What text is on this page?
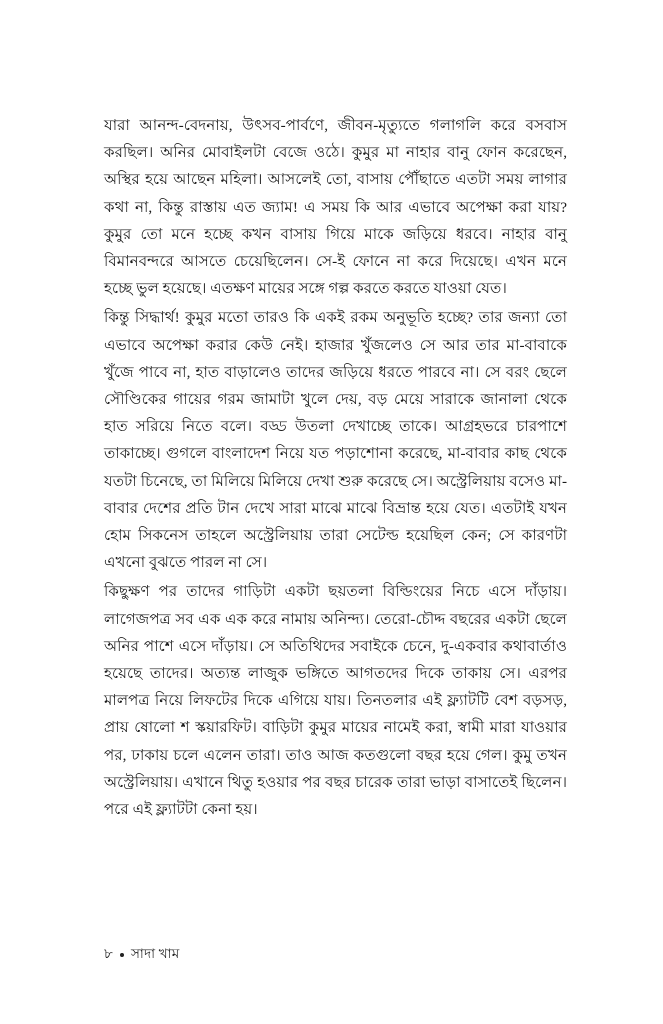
যারা আনন্দ-বেদনায়, উৎসব-পার্বণে, জীবন-মৃত্যুতে গলাগলি করে বসবাস করছিল। অনির মোবাইলটা বেজে ওঠে। কুমুর মা নাহার বানু ফোন করেছেন, অস্থির হয়ে আছেন মহিলা। আসলেই তো, বাসায় পৌঁছাতে এতটা সময় লাগার কথা না, কিন্তু রাস্তায় এত জ্যাম! এ সময় কি আর এভাবে অপেক্ষা করা যায়? কুমুর তো মনে হচ্ছে কখন বাসায় গিয়ে মাকে জড়িয়ে ধরবে। নাহার বানু বিমানবন্দরে আসতে চেয়েছিলেন। সে-ই ফোনে না করে দিয়েছে। এখন মনে হচ্ছে ভুল হয়েছে। এতক্ষণ মায়ের সঙ্গে গল্প করতে করতে যাওয়া যেত।

কিন্তু সিদ্ধার্থ! কুমুর মতো তারও কি একই রকম অনুভূতি হচ্ছে? তার জন্যা তো এভাবে অপেক্ষা করার কেউ নেই। হাজার খুঁজলেও সে আর তার মা-বাবাকে খুঁজে পাবে না, হাত বাড়ালেও তাদের জড়িয়ে ধরতে পারবে না। সে বরং ছেলে সৌণ্ডিকের গায়ের গরম জামাটা খুলে দেয়, বড় মেয়ে সারাকে জানালা থেকে হাত সরিয়ে নিতে বলে। বড্ড উতলা দেখাচ্ছে তাকে। আগ্রহভরে চারপাশে তাকাচ্ছে। গুগলে বাংলাদেশ নিয়ে যত পড়াশোনা করেছে, মা-বাবার কাছ থেকে যতটা চিনেছে, তা মিলিয়ে মিলিয়ে দেখা শুরু করেছে সে। অস্ট্রেলিয়ায় বসেও মা-বাবার দেশের প্রতি টান দেখে সারা মাঝে মাঝে বিভ্রান্ত হয়ে যেত। এতটাই যখন হোম সিকনেস তাহলে অস্ট্রেলিয়ায় তারা সেটেল্ড হয়েছিল কেন; সে কারণটা এখনো বুঝতে পারল না সে।

কিছুক্ষণ পর তাদের গাড়িটা একটা ছয়তলা বিল্ডিংয়ের নিচে এসে দাঁড়ায়। লাগেজপত্র সব এক এক করে নামায় অনিন্দ্য। তেরো-চৌদ্দ বছরের একটা ছেলে অনির পাশে এসে দাঁড়ায়। সে অতিথিদের সবাইকে চেনে, দু-একবার কথাবার্তাও হয়েছে তাদের। অত্যন্ত লাজুক ভঙ্গিতে আগতদের দিকে তাকায় সে। এরপর মালপত্র নিয়ে লিফটের দিকে এগিয়ে যায়। তিনতলার এই ফ্ল্যাটটি বেশ বড়সড়, প্রায় ষোলো শ স্কয়ারফিট। বাড়িটা কুমুর মায়ের নামেই করা, স্বামী মারা যাওয়ার পর, ঢাকায় চলে এলেন তারা। তাও আজ কতগুলো বছর হয়ে গেল। কুমু তখন অস্ট্রেলিয়ায়। এখানে থিতু হওয়ার পর বছর চারেক তারা ভাড়া বাসাতেই ছিলেন। পরে এই ফ্ল্যাটটা কেনা হয়।

৮ সাদা খাম
